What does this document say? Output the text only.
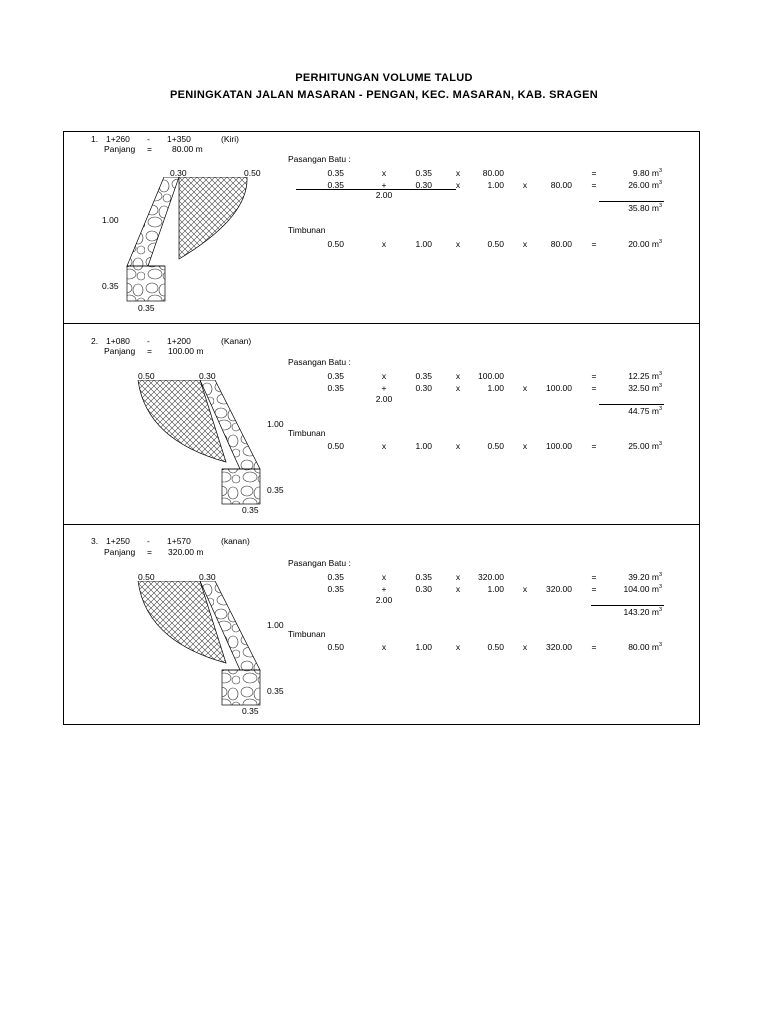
PERHITUNGAN VOLUME TALUD
PENINGKATAN JALAN MASARAN - PENGAN, KEC. MASARAN, KAB. SRAGEN
1. 1+260 - 1+350	(Kiri)
Panjang = 80.00 m
0.30	0.50
1.00
0.35
0.35
Pasangan Batu :
0.35	x	0.35	x	80.00	=	9.80 $m^3$
0.35	+	0.30	x	1.00	x	80.00	=	26.00 $m^3$
2.00
35.80 $m^3$
Timbunan
0.50	x	1.00	x	0.50	x	80.00	=	20.00 $m^3$
2. 1+080 - 1+200	(Kanan)
Panjang = 100.00 m
0.50	0.30
1.00
0.35
0.35
Pasangan Batu :
0.35	x	0.35	x	100.00	=	12.25 $m^3$
0.35	+	0.30	x	1.00	x	100.00	=	32.50 $m^3$
2.00
44.75 $m^3$
Timbunan
0.50	x	1.00	x	0.50	x	100.00	=	25.00 $m^3$
3. 1+250 - 1+570	(kanan)
Panjang = 320.00 m
0.50	0.30
1.00
0.35
0.35
Pasangan Batu :
0.35	x	0.35	x	320.00	=	39.20 $m^3$
0.35	+	0.30	x	1.00	x	320.00	=	104.00 $m^3$
2.00
143.20 $m^3$
Timbunan
0.50	x	1.00	x	0.50	x	320.00	=	80.00 $m^3$
